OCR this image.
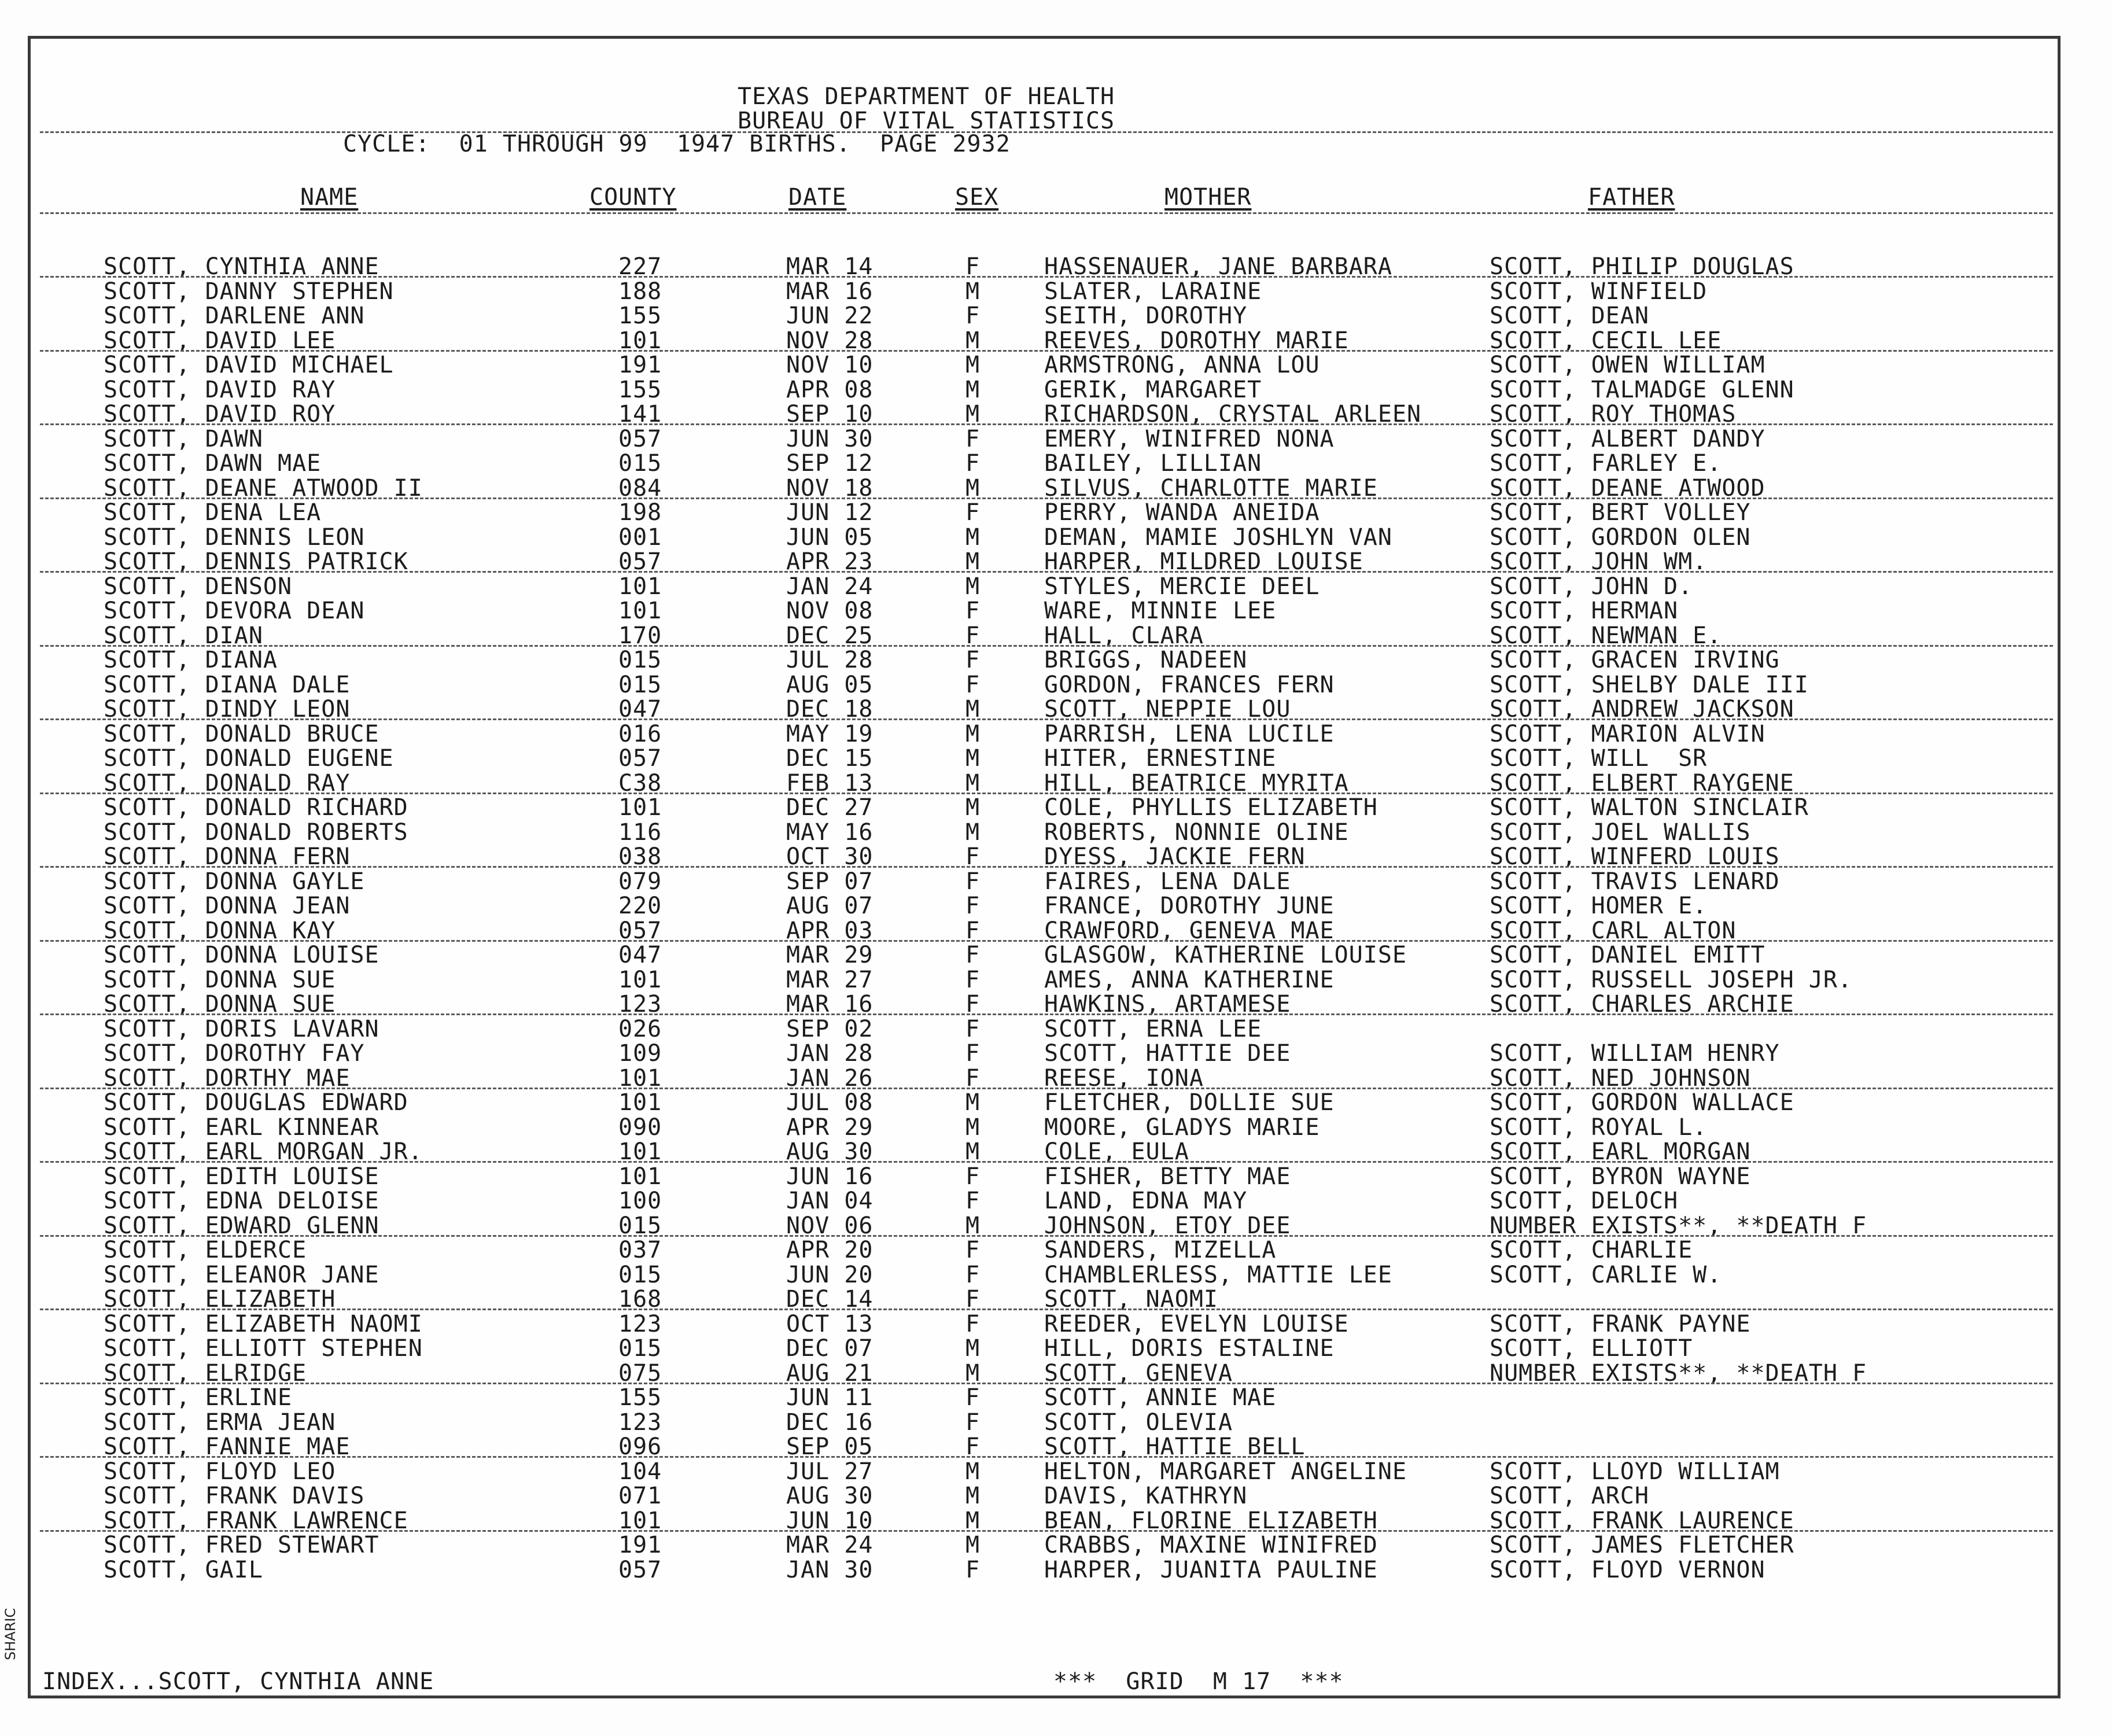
TEXAS DEPARTMENT OF HEALTH
BUREAU OF VITAL STATISTICS
CYCLE:  01 THROUGH 99  1947 BIRTHS.  PAGE 2932
NAME	COUNTY	DATE	SEX	MOTHER	FATHER
SCOTT, CYNTHIA ANNE	227	MAR 14	F	HASSENAUER, JANE BARBARA	SCOTT, PHILIP DOUGLAS
SCOTT, DANNY STEPHEN	188	MAR 16	M	SLATER, LARAINE	SCOTT, WINFIELD
SCOTT, DARLENE ANN	155	JUN 22	F	SEITH, DOROTHY	SCOTT, DEAN
SCOTT, DAVID LEE	101	NOV 28	M	REEVES, DOROTHY MARIE	SCOTT, CECIL LEE
SCOTT, DAVID MICHAEL	191	NOV 10	M	ARMSTRONG, ANNA LOU	SCOTT, OWEN WILLIAM
SCOTT, DAVID RAY	155	APR 08	M	GERIK, MARGARET	SCOTT, TALMADGE GLENN
SCOTT, DAVID ROY	141	SEP 10	M	RICHARDSON, CRYSTAL ARLEEN	SCOTT, ROY THOMAS
SCOTT, DAWN	057	JUN 30	F	EMERY, WINIFRED NONA	SCOTT, ALBERT DANDY
SCOTT, DAWN MAE	015	SEP 12	F	BAILEY, LILLIAN	SCOTT, FARLEY E.
SCOTT, DEANE ATWOOD II	084	NOV 18	M	SILVUS, CHARLOTTE MARIE	SCOTT, DEANE ATWOOD
SCOTT, DENA LEA	198	JUN 12	F	PERRY, WANDA ANEIDA	SCOTT, BERT VOLLEY
SCOTT, DENNIS LEON	001	JUN 05	M	DEMAN, MAMIE JOSHLYN VAN	SCOTT, GORDON OLEN
SCOTT, DENNIS PATRICK	057	APR 23	M	HARPER, MILDRED LOUISE	SCOTT, JOHN WM.
SCOTT, DENSON	101	JAN 24	M	STYLES, MERCIE DEEL	SCOTT, JOHN D.
SCOTT, DEVORA DEAN	101	NOV 08	F	WARE, MINNIE LEE	SCOTT, HERMAN
SCOTT, DIAN	170	DEC 25	F	HALL, CLARA	SCOTT, NEWMAN E.
SCOTT, DIANA	015	JUL 28	F	BRIGGS, NADEEN	SCOTT, GRACEN IRVING
SCOTT, DIANA DALE	015	AUG 05	F	GORDON, FRANCES FERN	SCOTT, SHELBY DALE III
SCOTT, DINDY LEON	047	DEC 18	M	SCOTT, NEPPIE LOU	SCOTT, ANDREW JACKSON
SCOTT, DONALD BRUCE	016	MAY 19	M	PARRISH, LENA LUCILE	SCOTT, MARION ALVIN
SCOTT, DONALD EUGENE	057	DEC 15	M	HITER, ERNESTINE	SCOTT, WILL  SR
SCOTT, DONALD RAY	C38	FEB 13	M	HILL, BEATRICE MYRITA	SCOTT, ELBERT RAYGENE
SCOTT, DONALD RICHARD	101	DEC 27	M	COLE, PHYLLIS ELIZABETH	SCOTT, WALTON SINCLAIR
SCOTT, DONALD ROBERTS	116	MAY 16	M	ROBERTS, NONNIE OLINE	SCOTT, JOEL WALLIS
SCOTT, DONNA FERN	038	OCT 30	F	DYESS, JACKIE FERN	SCOTT, WINFERD LOUIS
SCOTT, DONNA GAYLE	079	SEP 07	F	FAIRES, LENA DALE	SCOTT, TRAVIS LENARD
SCOTT, DONNA JEAN	220	AUG 07	F	FRANCE, DOROTHY JUNE	SCOTT, HOMER E.
SCOTT, DONNA KAY	057	APR 03	F	CRAWFORD, GENEVA MAE	SCOTT, CARL ALTON
SCOTT, DONNA LOUISE	047	MAR 29	F	GLASGOW, KATHERINE LOUISE	SCOTT, DANIEL EMITT
SCOTT, DONNA SUE	101	MAR 27	F	AMES, ANNA KATHERINE	SCOTT, RUSSELL JOSEPH JR.
SCOTT, DONNA SUE	123	MAR 16	F	HAWKINS, ARTAMESE	SCOTT, CHARLES ARCHIE
SCOTT, DORIS LAVARN	026	SEP 02	F	SCOTT, ERNA LEE
SCOTT, DOROTHY FAY	109	JAN 28	F	SCOTT, HATTIE DEE	SCOTT, WILLIAM HENRY
SCOTT, DORTHY MAE	101	JAN 26	F	REESE, IONA	SCOTT, NED JOHNSON
SCOTT, DOUGLAS EDWARD	101	JUL 08	M	FLETCHER, DOLLIE SUE	SCOTT, GORDON WALLACE
SCOTT, EARL KINNEAR	090	APR 29	M	MOORE, GLADYS MARIE	SCOTT, ROYAL L.
SCOTT, EARL MORGAN JR.	101	AUG 30	M	COLE, EULA	SCOTT, EARL MORGAN
SCOTT, EDITH LOUISE	101	JUN 16	F	FISHER, BETTY MAE	SCOTT, BYRON WAYNE
SCOTT, EDNA DELOISE	100	JAN 04	F	LAND, EDNA MAY	SCOTT, DELOCH
SCOTT, EDWARD GLENN	015	NOV 06	M	JOHNSON, ETOY DEE	NUMBER EXISTS**, **DEATH F
SCOTT, ELDERCE	037	APR 20	F	SANDERS, MIZELLA	SCOTT, CHARLIE
SCOTT, ELEANOR JANE	015	JUN 20	F	CHAMBLERLESS, MATTIE LEE	SCOTT, CARLIE W.
SCOTT, ELIZABETH	168	DEC 14	F	SCOTT, NAOMI
SCOTT, ELIZABETH NAOMI	123	OCT 13	F	REEDER, EVELYN LOUISE	SCOTT, FRANK PAYNE
SCOTT, ELLIOTT STEPHEN	015	DEC 07	M	HILL, DORIS ESTALINE	SCOTT, ELLIOTT
SCOTT, ELRIDGE	075	AUG 21	M	SCOTT, GENEVA	NUMBER EXISTS**, **DEATH F
SCOTT, ERLINE	155	JUN 11	F	SCOTT, ANNIE MAE
SCOTT, ERMA JEAN	123	DEC 16	F	SCOTT, OLEVIA
SCOTT, FANNIE MAE	096	SEP 05	F	SCOTT, HATTIE BELL
SCOTT, FLOYD LEO	104	JUL 27	M	HELTON, MARGARET ANGELINE	SCOTT, LLOYD WILLIAM
SCOTT, FRANK DAVIS	071	AUG 30	M	DAVIS, KATHRYN	SCOTT, ARCH
SCOTT, FRANK LAWRENCE	101	JUN 10	M	BEAN, FLORINE ELIZABETH	SCOTT, FRANK LAURENCE
SCOTT, FRED STEWART	191	MAR 24	M	CRABBS, MAXINE WINIFRED	SCOTT, JAMES FLETCHER
SCOTT, GAIL	057	JAN 30	F	HARPER, JUANITA PAULINE	SCOTT, FLOYD VERNON
INDEX...SCOTT, CYNTHIA ANNE	***  GRID  M 17  ***
SHARIC
